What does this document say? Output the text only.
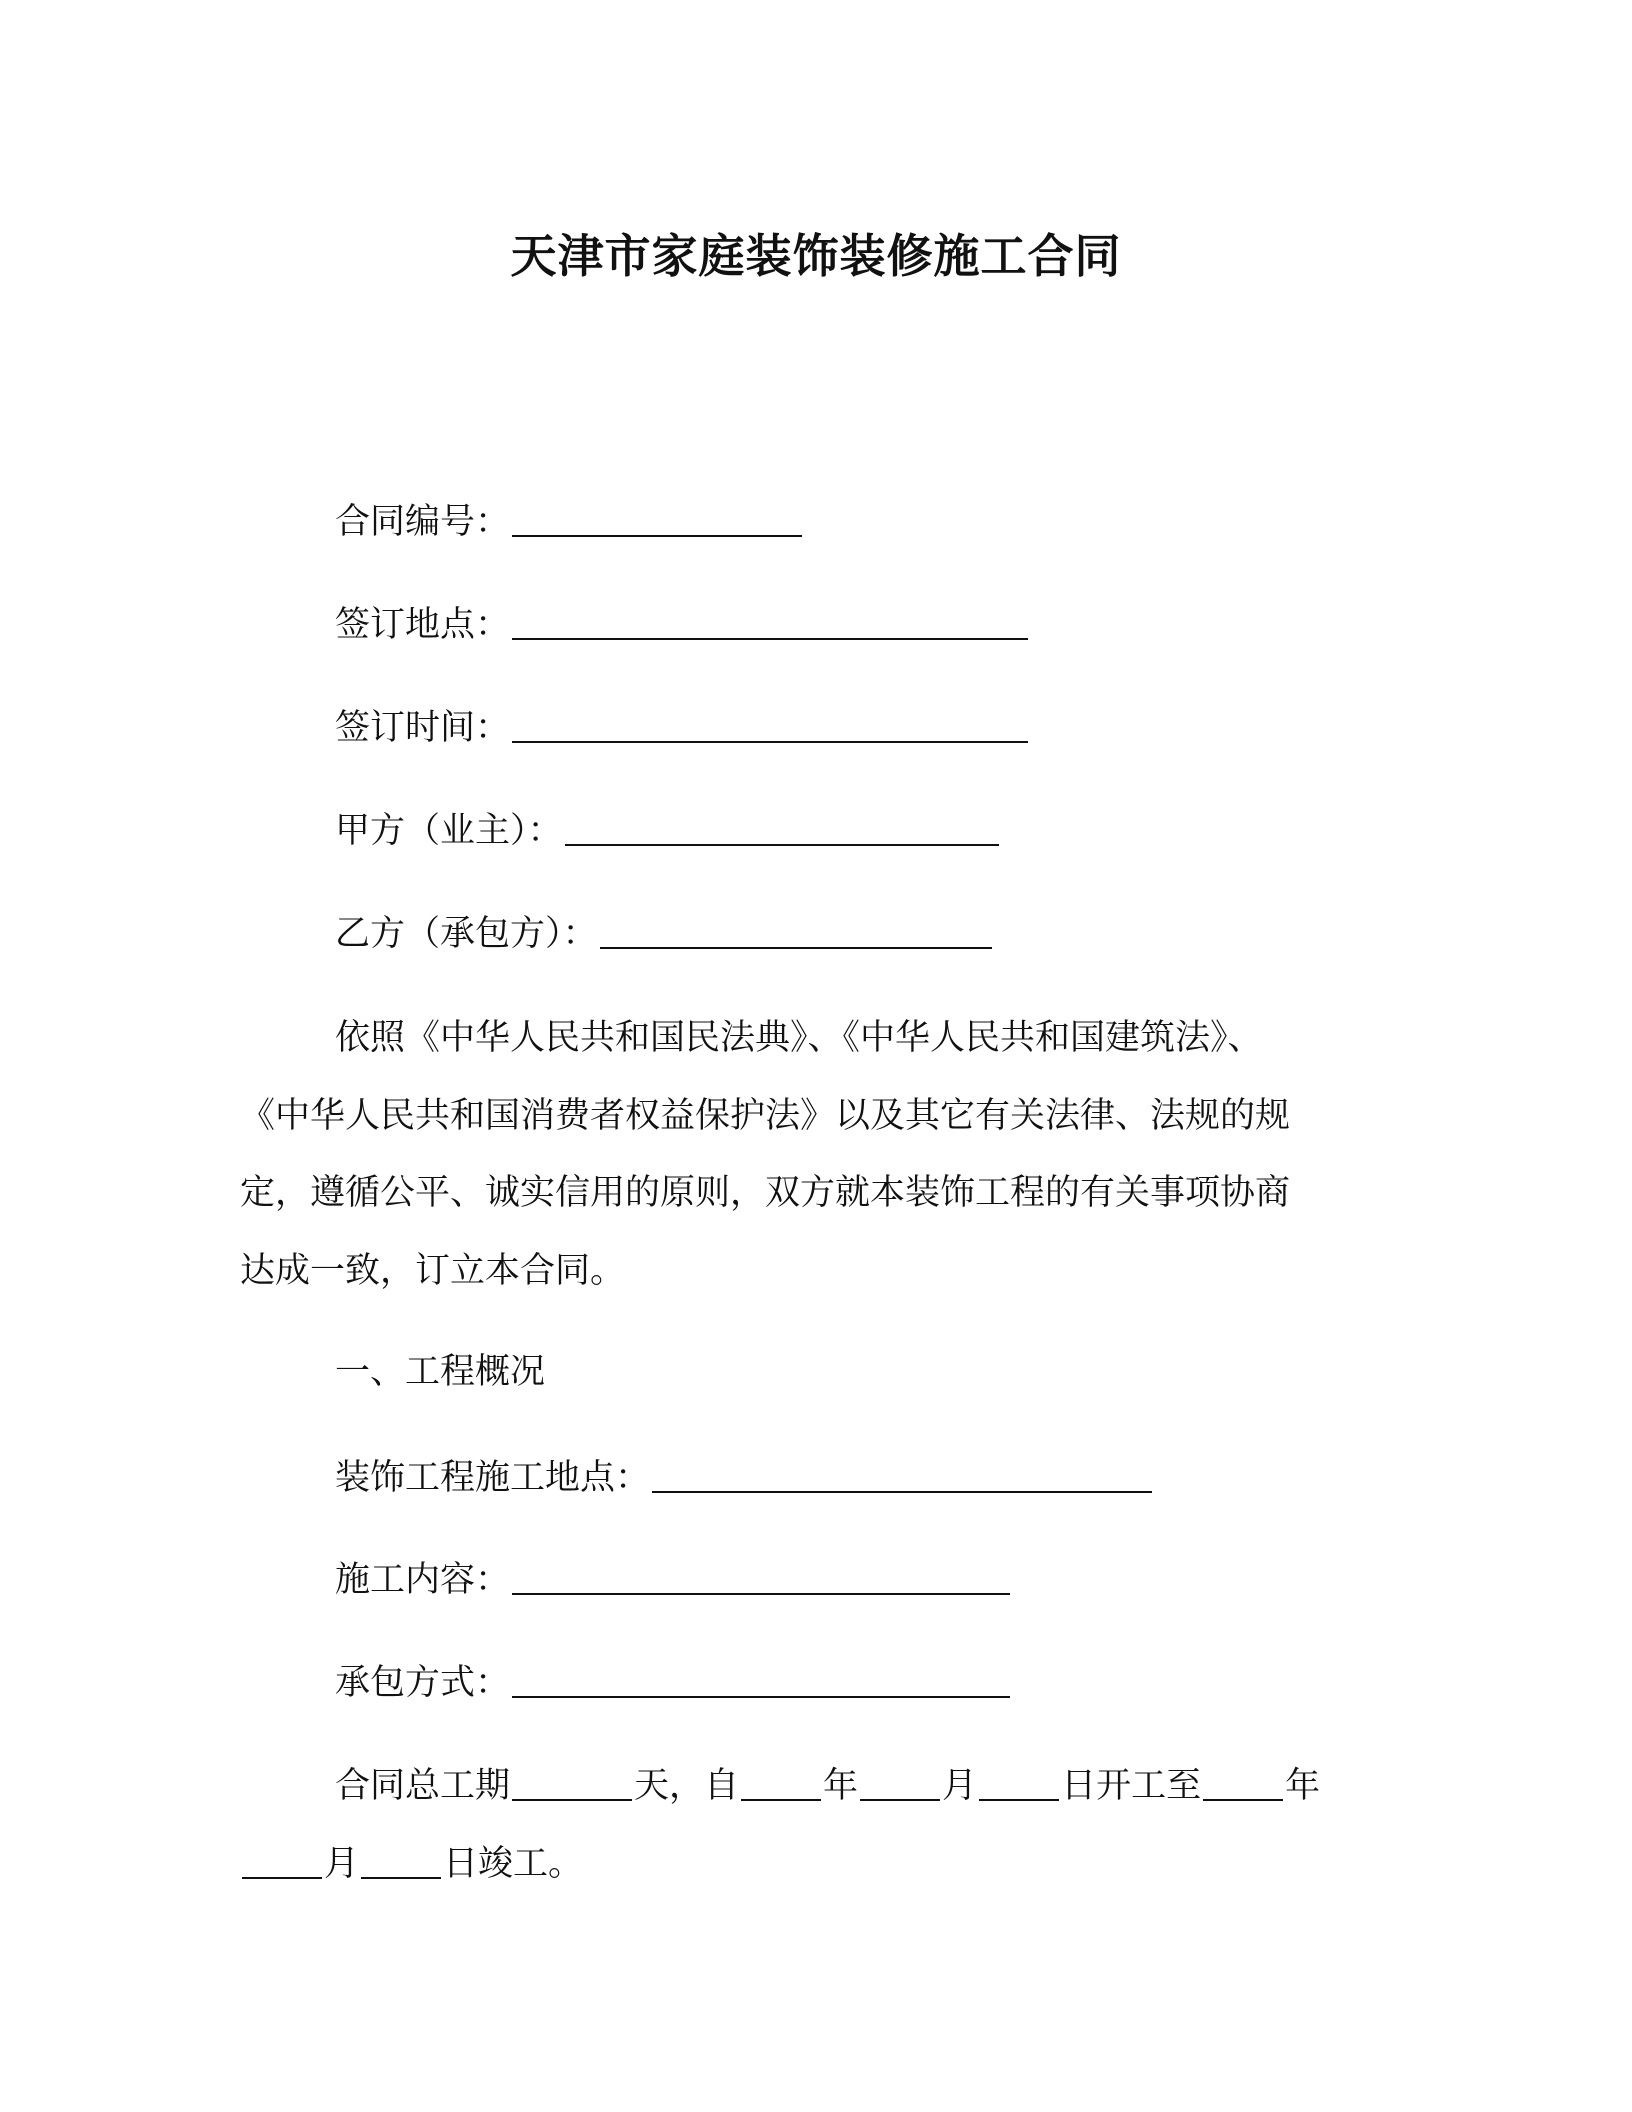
天津市家庭装饰装修施工合同
合同编号：
签订地点：
签订时间：
甲方（业主）：
乙方（承包方）：
依照《中华人民共和国民法典》、《中华人民共和国建筑法》、
《中华人民共和国消费者权益保护法》以及其它有关法律、法规的规
定，遵循公平、诚实信用的原则，双方就本装饰工程的有关事项协商
达成一致，订立本合同。
一、工程概况
装饰工程施工地点：
施工内容：
承包方式：
合同总工期	天，自 年 月 日开工至 年
月 日竣工。
